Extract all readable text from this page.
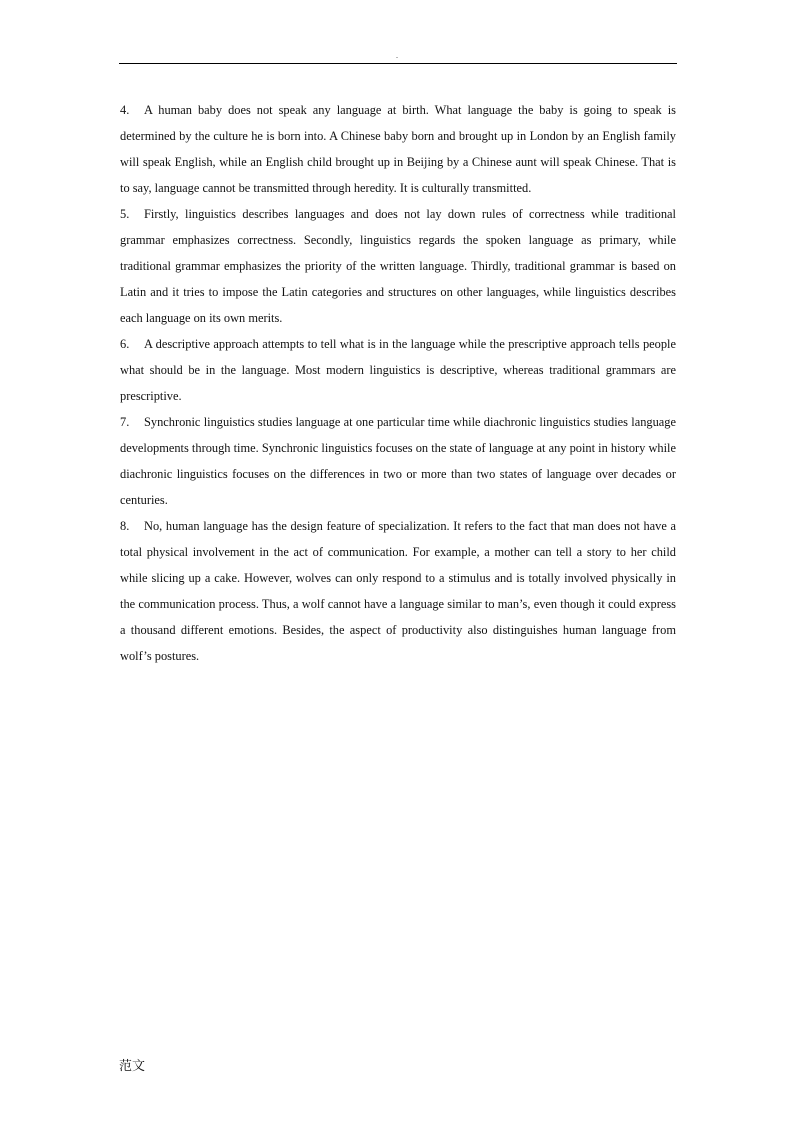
.

4. A human baby does not speak any language at birth. What language the baby is going to speak is determined by the culture he is born into. A Chinese baby born and brought up in London by an English family will speak English, while an English child brought up in Beijing by a Chinese aunt will speak Chinese. That is to say, language cannot be transmitted through heredity. It is culturally transmitted.

5. Firstly, linguistics describes languages and does not lay down rules of correctness while traditional grammar emphasizes correctness. Secondly, linguistics regards the spoken language as primary, while traditional grammar emphasizes the priority of the written language. Thirdly, traditional grammar is based on Latin and it tries to impose the Latin categories and structures on other languages, while linguistics describes each language on its own merits.

6. A descriptive approach attempts to tell what is in the language while the prescriptive approach tells people what should be in the language. Most modern linguistics is descriptive, whereas traditional grammars are prescriptive.

7. Synchronic linguistics studies language at one particular time while diachronic linguistics studies language developments through time. Synchronic linguistics focuses on the state of language at any point in history while diachronic linguistics focuses on the differences in two or more than two states of language over decades or centuries.

8. No, human language has the design feature of specialization. It refers to the fact that man does not have a total physical involvement in the act of communication. For example, a mother can tell a story to her child while slicing up a cake. However, wolves can only respond to a stimulus and is totally involved physically in the communication process. Thus, a wolf cannot have a language similar to man’s, even though it could express a thousand different emotions. Besides, the aspect of productivity also distinguishes human language from wolf’s postures.

范文
